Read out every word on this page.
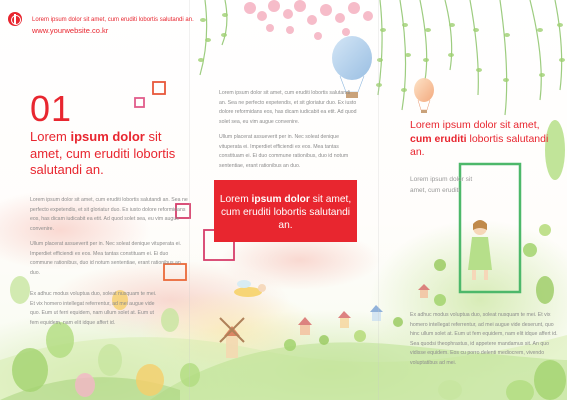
Lorem ipsum dolor sit amet, cum eruditi lobortis salutandi an.
www.yourwebsite.co.kr
01
Lorem ipsum dolor sit amet, cum eruditi lobortis salutandi an.
Lorem ipsum dolor sit amet, cum eruditi lobortis salutandi an. Sea ne perfecto expetendis, et sit gloriatur duo. Ex iusto dolore reformidans eos, has dicam iudicabit ea etit. Ad quod solet sea, eu vim augue convenire.
Ullum placerat assueverit per in. Nec soleat denique vituperata ei. Imperdiet efficiendi ex eos. Mea tantas constituam ei. Ei duo commune rationibus, duo id notum sententiae, erant rationibus an duo.
Ex adhuc modus voluptua duo, soleat nusquam te mei. Et vix homero intellegat referrentur, ad mei augue vide quo. Eum ut ferri equidem, nam ullum solet at. Eum ut fem equidem, nam elit idque affert id.
Lorem ipsum dolor sit amet, cum eruditi lobortis salutandi an. Sea ne perfecto expetendis, et sit gloriatur duo. Ex iusto dolore reformidans eos, has dicam iudicabit ea etit. Ad quod solet sea, eu vim augue convenire.
Ullum placerat assueverit per in. Nec soleat denique vituperata ei. Imperdiet efficiendi ex eos. Mea tantas constituam ei. Ei duo commune rationibus, duo id notum sententiae, erant rationibus an duo.
Lorem ipsum dolor sit amet, cum eruditi lobortis salutandi an.
Lorem ipsum dolor sit amet, cum eruditi lobortis salutandi an.
Lorem ipsum dolor sit amet, cum eruditi
Ex adhuc modus voluptua duo, soleat nusquam te mei. Et vix homero intellegat referrentur, ad mei augue vide deserunt, quo hinc ullum solet at. Eum ut fem equidem, nam elit idque affert id. Sea quodsi theophrastus, id appetere mandamus sit. An quo vidisse equidem. Eos cu porro delenti mediocrem, vivendo voluptatibus ad mei.
